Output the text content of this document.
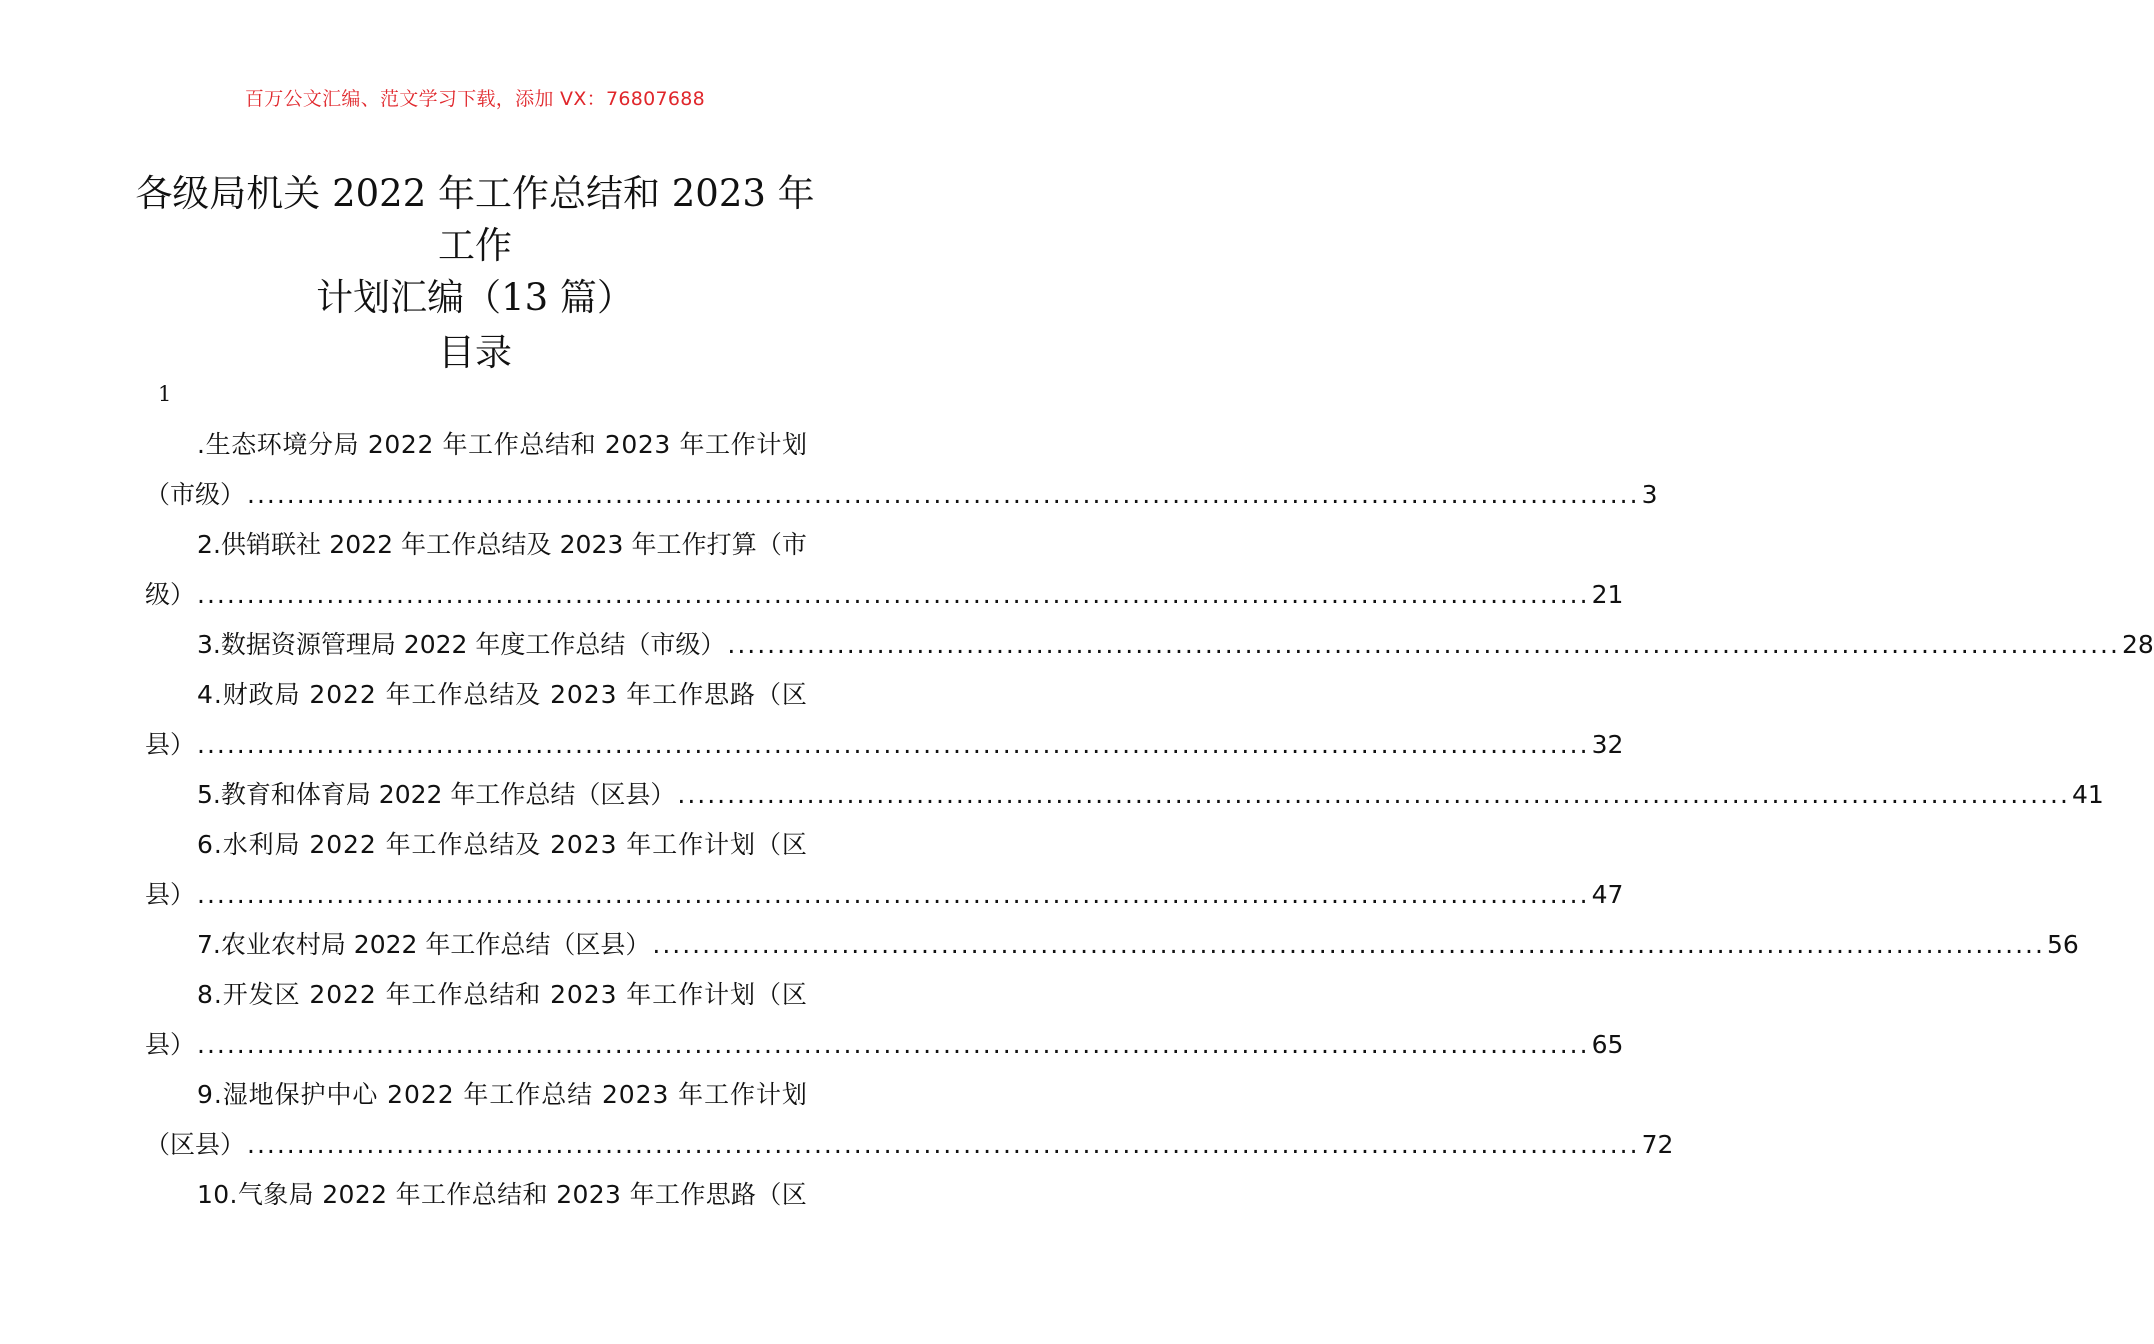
百万公文汇编、范文学习下载，添加 VX：76807688
各级局机关 2022 年工作总结和 2023 年工作
计划汇编（13 篇）
目录
1
.生态环境分局 2022 年工作总结和 2023 年工作计划
（市级） ............................................................................................................................................ 3
2.供销联社 2022 年工作总结及 2023 年工作打算（市
级） ............................................................................................................................................ 21
3.数据资源管理局 2022 年度工作总结（市级） ............................................................................................................................................ 28
4.财政局 2022 年工作总结及 2023 年工作思路（区
县） ............................................................................................................................................ 32
5.教育和体育局 2022 年工作总结（区县） ............................................................................................................................................ 41
6.水利局 2022 年工作总结及 2023 年工作计划（区
县） ............................................................................................................................................ 47
7.农业农村局 2022 年工作总结（区县） ............................................................................................................................................ 56
8.开发区 2022 年工作总结和 2023 年工作计划（区
县） ............................................................................................................................................ 65
9.湿地保护中心 2022 年工作总结 2023 年工作计划
（区县） ............................................................................................................................................ 72
10.气象局 2022 年工作总结和 2023 年工作思路（区
